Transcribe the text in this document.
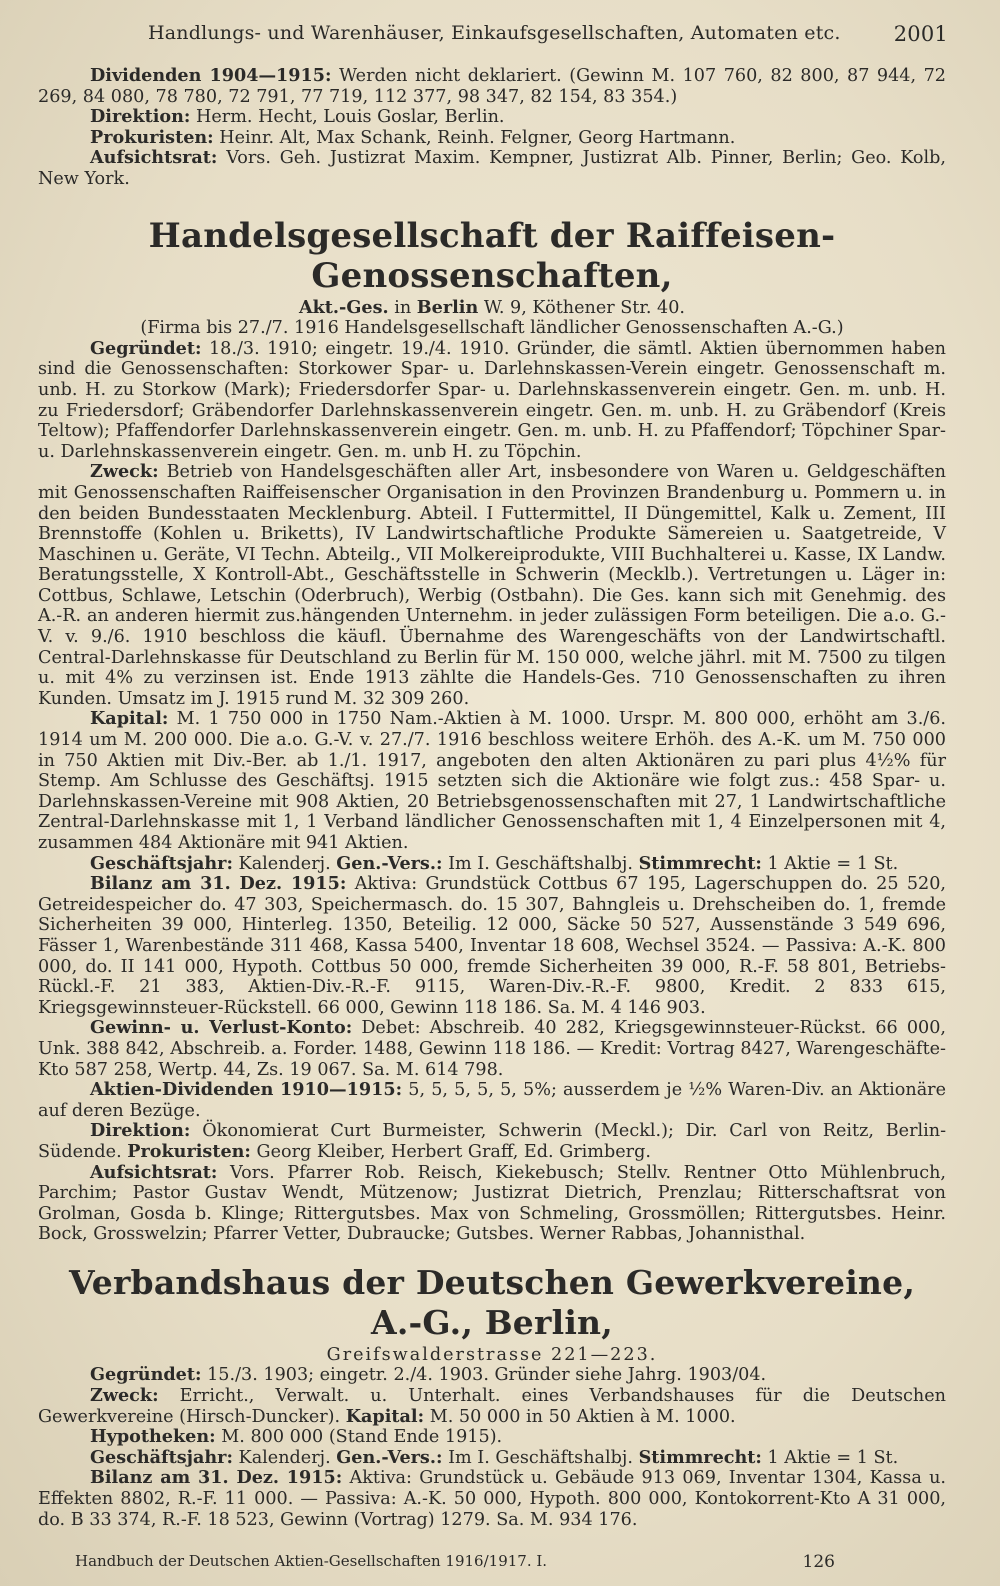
Handlungs- und Warenhäuser, Einkaufsgesellschaften, Automaten etc.	2001

Dividenden 1904—1915: Werden nicht deklariert. (Gewinn M. 107 760, 82 800, 87 944, 72 269, 84 080, 78 780, 72 791, 77 719, 112 377, 98 347, 82 154, 83 354.)

Direktion: Herm. Hecht, Louis Goslar, Berlin.

Prokuristen: Heinr. Alt, Max Schank, Reinh. Felgner, Georg Hartmann.

Aufsichtsrat: Vors. Geh. Justizrat Maxim. Kempner, Justizrat Alb. Pinner, Berlin; Geo. Kolb, New York.

Handelsgesellschaft der Raiffeisen-Genossenschaften,

Akt.-Ges. in Berlin W. 9, Köthener Str. 40.

(Firma bis 27./7. 1916 Handelsgesellschaft ländlicher Genossenschaften A.-G.)

Gegründet: 18./3. 1910; eingetr. 19./4. 1910. Gründer, die sämtl. Aktien übernommen haben sind die Genossenschaften: Storkower Spar- u. Darlehnskassen-Verein eingetr. Genossenschaft m. unb. H. zu Storkow (Mark); Friedersdorfer Spar- u. Darlehnskassenverein eingetr. Gen. m. unb. H. zu Friedersdorf; Gräbendorfer Darlehnskassenverein eingetr. Gen. m. unb. H. zu Gräbendorf (Kreis Teltow); Pfaffendorfer Darlehnskassenverein eingetr. Gen. m. unb. H. zu Pfaffendorf; Töpchiner Spar- u. Darlehnskassenverein eingetr. Gen. m. unb H. zu Töpchin.

Zweck: Betrieb von Handelsgeschäften aller Art, insbesondere von Waren u. Geldgeschäften mit Genossenschaften Raiffeisenscher Organisation in den Provinzen Brandenburg u. Pommern u. in den beiden Bundesstaaten Mecklenburg. Abteil. I Futtermittel, II Düngemittel, Kalk u. Zement, III Brennstoffe (Kohlen u. Briketts), IV Landwirtschaftliche Produkte Sämereien u. Saatgetreide, V Maschinen u. Geräte, VI Techn. Abteilg., VII Molkereiprodukte, VIII Buchhalterei u. Kasse, IX Landw. Beratungsstelle, X Kontroll-Abt., Geschäftsstelle in Schwerin (Mecklb.). Vertretungen u. Läger in: Cottbus, Schlawe, Letschin (Oderbruch), Werbig (Ostbahn). Die Ges. kann sich mit Genehmig. des A.-R. an anderen hiermit zus.hängenden Unternehm. in jeder zulässigen Form beteiligen. Die a.o. G.-V. v. 9./6. 1910 beschloss die käufl. Übernahme des Warengeschäfts von der Landwirtschaftl. Central-Darlehnskasse für Deutschland zu Berlin für M. 150 000, welche jährl. mit M. 7500 zu tilgen u. mit 4% zu verzinsen ist. Ende 1913 zählte die Handels-Ges. 710 Genossenschaften zu ihren Kunden. Umsatz im J. 1915 rund M. 32 309 260.

Kapital: M. 1 750 000 in 1750 Nam.-Aktien à M. 1000. Urspr. M. 800 000, erhöht am 3./6. 1914 um M. 200 000. Die a.o. G.-V. v. 27./7. 1916 beschloss weitere Erhöh. des A.-K. um M. 750 000 in 750 Aktien mit Div.-Ber. ab 1./1. 1917, angeboten den alten Aktionären zu pari plus 4½% für Stemp. Am Schlusse des Geschäftsj. 1915 setzten sich die Aktionäre wie folgt zus.: 458 Spar- u. Darlehnskassen-Vereine mit 908 Aktien, 20 Betriebsgenossenschaften mit 27, 1 Landwirtschaftliche Zentral-Darlehnskasse mit 1, 1 Verband ländlicher Genossenschaften mit 1, 4 Einzelpersonen mit 4, zusammen 484 Aktionäre mit 941 Aktien.

Geschäftsjahr: Kalenderj. Gen.-Vers.: Im I. Geschäftshalbj. Stimmrecht: 1 Aktie = 1 St.

Bilanz am 31. Dez. 1915: Aktiva: Grundstück Cottbus 67 195, Lagerschuppen do. 25 520, Getreidespeicher do. 47 303, Speichermasch. do. 15 307, Bahngleis u. Drehscheiben do. 1, fremde Sicherheiten 39 000, Hinterleg. 1350, Beteilig. 12 000, Säcke 50 527, Aussenstände 3 549 696, Fässer 1, Warenbestände 311 468, Kassa 5400, Inventar 18 608, Wechsel 3524. — Passiva: A.-K. 800 000, do. II 141 000, Hypoth. Cottbus 50 000, fremde Sicherheiten 39 000, R.-F. 58 801, Betriebs-Rückl.-F. 21 383, Aktien-Div.-R.-F. 9115, Waren-Div.-R.-F. 9800, Kredit. 2 833 615, Kriegsgewinnsteuer-Rückstell. 66 000, Gewinn 118 186. Sa. M. 4 146 903.

Gewinn- u. Verlust-Konto: Debet: Abschreib. 40 282, Kriegsgewinnsteuer-Rückst. 66 000, Unk. 388 842, Abschreib. a. Forder. 1488, Gewinn 118 186. — Kredit: Vortrag 8427, Warengeschäfte-Kto 587 258, Wertp. 44, Zs. 19 067. Sa. M. 614 798.

Aktien-Dividenden 1910—1915: 5, 5, 5, 5, 5, 5%; ausserdem je ½% Waren-Div. an Aktionäre auf deren Bezüge.

Direktion: Ökonomierat Curt Burmeister, Schwerin (Meckl.); Dir. Carl von Reitz, Berlin-Südende. Prokuristen: Georg Kleiber, Herbert Graff, Ed. Grimberg.

Aufsichtsrat: Vors. Pfarrer Rob. Reisch, Kiekebusch; Stellv. Rentner Otto Mühlenbruch, Parchim; Pastor Gustav Wendt, Mützenow; Justizrat Dietrich, Prenzlau; Ritterschaftsrat von Grolman, Gosda b. Klinge; Rittergutsbes. Max von Schmeling, Grossmöllen; Rittergutsbes. Heinr. Bock, Grosswelzin; Pfarrer Vetter, Dubraucke; Gutsbes. Werner Rabbas, Johannisthal.

Verbandshaus der Deutschen Gewerkvereine, A.-G., Berlin,

Greifswalderstrasse 221—223.

Gegründet: 15./3. 1903; eingetr. 2./4. 1903. Gründer siehe Jahrg. 1903/04.

Zweck: Erricht., Verwalt. u. Unterhalt. eines Verbandshauses für die Deutschen Gewerkvereine (Hirsch-Duncker). Kapital: M. 50 000 in 50 Aktien à M. 1000.

Hypotheken: M. 800 000 (Stand Ende 1915).

Geschäftsjahr: Kalenderj. Gen.-Vers.: Im I. Geschäftshalbj. Stimmrecht: 1 Aktie = 1 St.

Bilanz am 31. Dez. 1915: Aktiva: Grundstück u. Gebäude 913 069, Inventar 1304, Kassa u. Effekten 8802, R.-F. 11 000. — Passiva: A.-K. 50 000, Hypoth. 800 000, Kontokorrent-Kto A 31 000, do. B 33 374, R.-F. 18 523, Gewinn (Vortrag) 1279. Sa. M. 934 176.

Handbuch der Deutschen Aktien-Gesellschaften 1916/1917. I.	126
